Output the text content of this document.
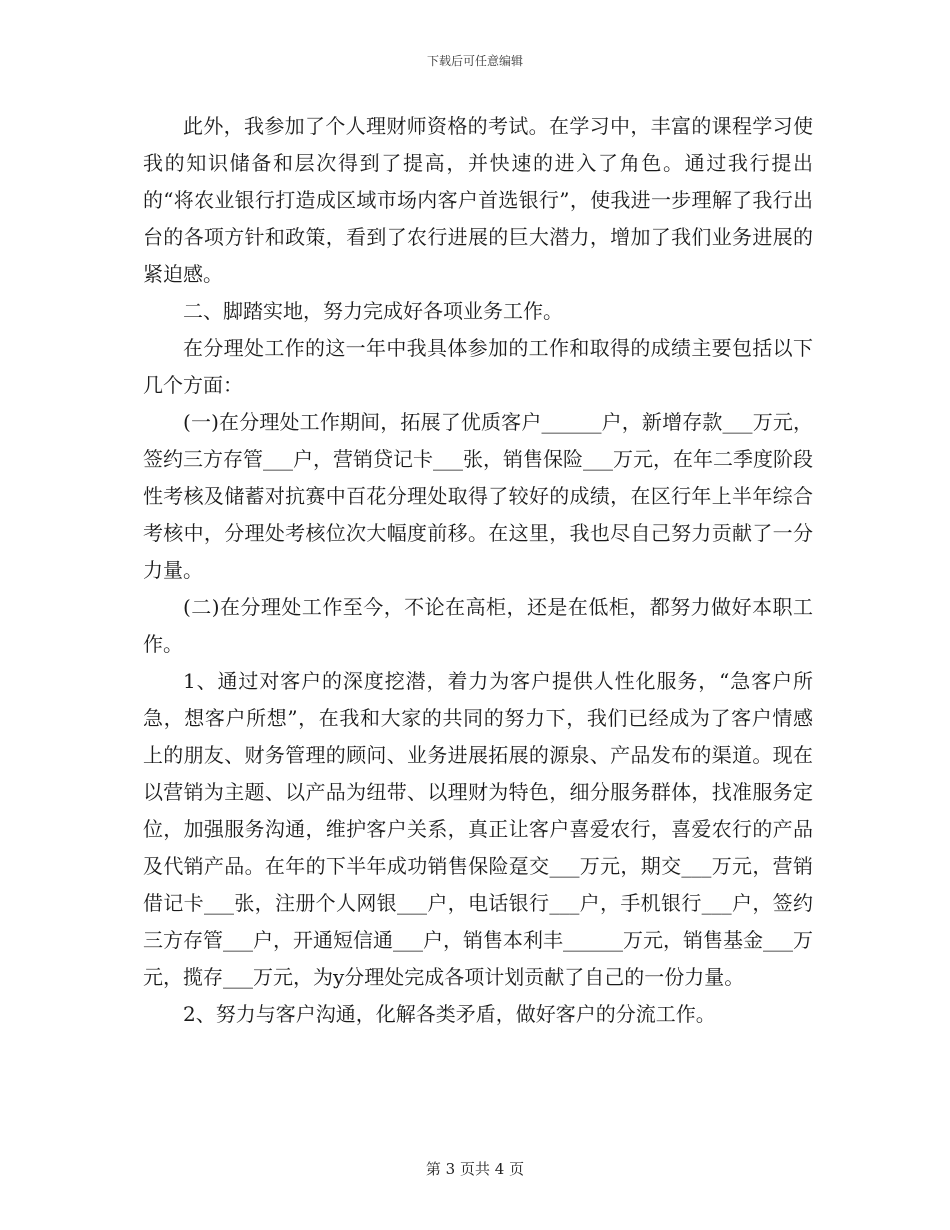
下载后可任意编辑

此外，我参加了个人理财师资格的考试。在学习中，丰富的课程学习使我的知识储备和层次得到了提高，并快速的进入了角色。通过我行提出的“将农业银行打造成区域市场内客户首选银行”，使我进一步理解了我行出台的各项方针和政策，看到了农行进展的巨大潜力，增加了我们业务进展的紧迫感。

二、脚踏实地，努力完成好各项业务工作。

在分理处工作的这一年中我具体参加的工作和取得的成绩主要包括以下几个方面：

(一)在分理处工作期间，拓展了优质客户______户，新增存款___万元，签约三方存管___户，营销贷记卡___张，销售保险___万元，在年二季度阶段性考核及储蓄对抗赛中百花分理处取得了较好的成绩，在区行年上半年综合考核中，分理处考核位次大幅度前移。在这里，我也尽自己努力贡献了一分力量。

(二)在分理处工作至今，不论在高柜，还是在低柜，都努力做好本职工作。

1、通过对客户的深度挖潜，着力为客户提供人性化服务，“急客户所急，想客户所想”，在我和大家的共同的努力下，我们已经成为了客户情感上的朋友、财务管理的顾问、业务进展拓展的源泉、产品发布的渠道。现在以营销为主题、以产品为纽带、以理财为特色，细分服务群体，找准服务定位，加强服务沟通，维护客户关系，真正让客户喜爱农行，喜爱农行的产品及代销产品。在年的下半年成功销售保险趸交___万元，期交___万元，营销借记卡___张，注册个人网银___户，电话银行___户，手机银行___户，签约三方存管___户，开通短信通___户，销售本利丰______万元，销售基金___万元，揽存___万元，为y分理处完成各项计划贡献了自己的一份力量。

2、努力与客户沟通，化解各类矛盾，做好客户的分流工作。

第 3 页共 4 页
